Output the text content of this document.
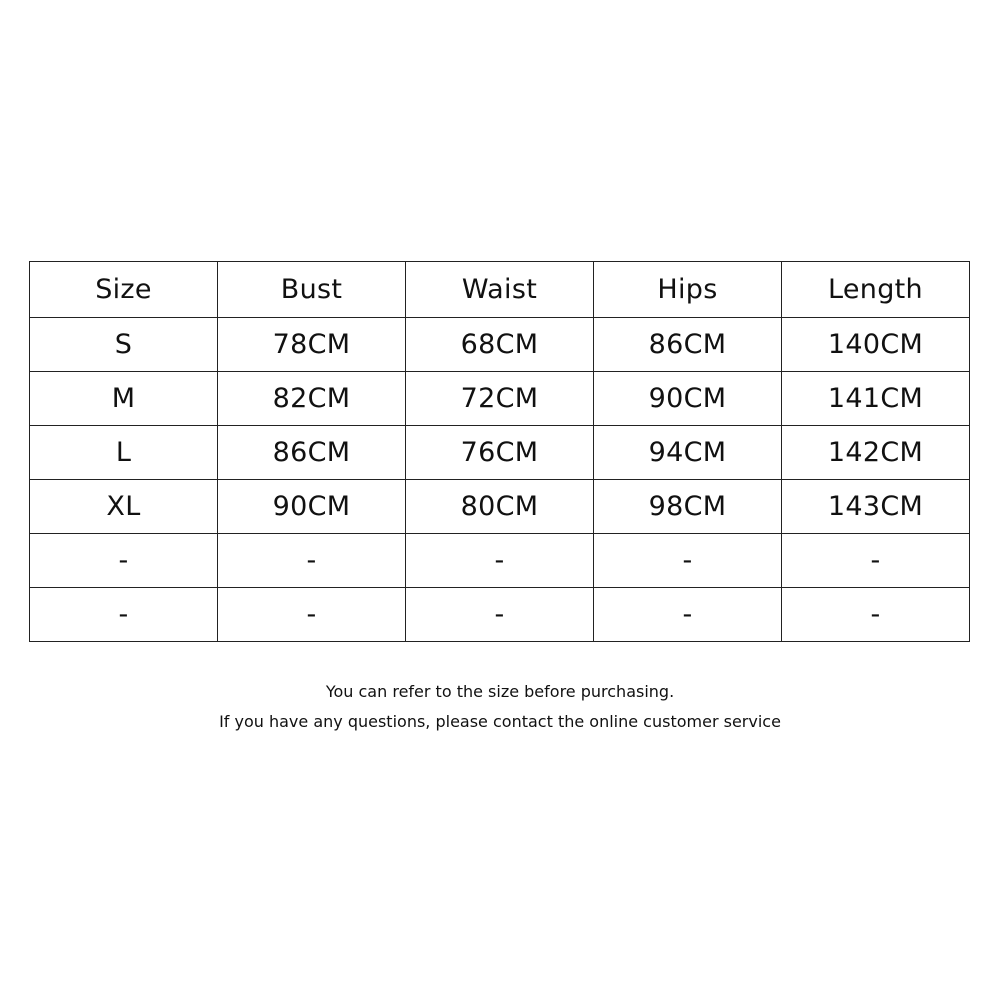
Size	Bust	Waist	Hips	Length
S	78CM	68CM	86CM	140CM
M	82CM	72CM	90CM	141CM
L	86CM	76CM	94CM	142CM
XL	90CM	80CM	98CM	143CM
-	-	-	-	-
-	-	-	-	-
You can refer to the size before purchasing.
If you have any questions, please contact the online customer service
